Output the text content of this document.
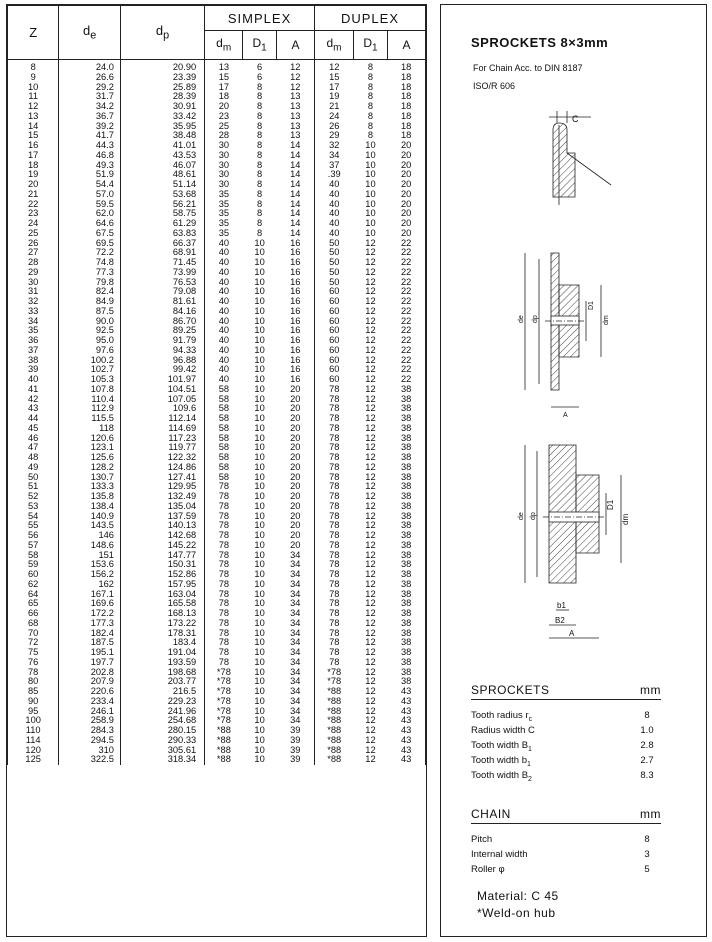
Z	$d_e$	$d_p$	SIMPLEX			DUPLEX		
			$d_m$	$D_1$	A	$d_m$	$D_1$	A
8	24.0	20.90	13	6	12	12	8	18
9	26.6	23.39	15	6	12	15	8	18
10	29.2	25.89	17	8	12	17	8	18
11	31.7	28.39	18	8	13	19	8	18
12	34.2	30.91	20	8	13	21	8	18
13	36.7	33.42	23	8	13	24	8	18
14	39.2	35.95	25	8	13	26	8	18
15	41.7	38.48	28	8	13	29	8	18
16	44.3	41.01	30	8	14	32	10	20
17	46.8	43.53	30	8	14	34	10	20
18	49.3	46.07	30	8	14	37	10	20
19	51.9	48.61	30	8	14	.39	10	20
20	54.4	51.14	30	8	14	40	10	20
21	57.0	53.68	35	8	14	40	10	20
22	59.5	56.21	35	8	14	40	10	20
23	62.0	58.75	35	8	14	40	10	20
24	64.6	61.29	35	8	14	40	10	20
25	67.5	63.83	35	8	14	40	10	20
26	69.5	66.37	40	10	16	50	12	22
27	72.2	68.91	40	10	16	50	12	22
28	74.8	71.45	40	10	16	50	12	22
29	77.3	73.99	40	10	16	50	12	22
30	79.8	76.53	40	10	16	50	12	22
31	82.4	79.08	40	10	16	60	12	22
32	84.9	81.61	40	10	16	60	12	22
33	87.5	84.16	40	10	16	60	12	22
34	90.0	86.70	40	10	16	60	12	22
35	92.5	89.25	40	10	16	60	12	22
36	95.0	91.79	40	10	16	60	12	22
37	97.6	94.33	40	10	16	60	12	22
38	100.2	96.88	40	10	16	60	12	22
39	102.7	99.42	40	10	16	60	12	22
40	105.3	101.97	40	10	16	60	12	22
41	107.8	104.51	58	10	20	78	12	38
42	110.4	107.05	58	10	20	78	12	38
43	112.9	109.6	58	10	20	78	12	38
44	115.5	112.14	58	10	20	78	12	38
45	118	114.69	58	10	20	78	12	38
46	120.6	117.23	58	10	20	78	12	38
47	123.1	119.77	58	10	20	78	12	38
48	125.6	122.32	58	10	20	78	12	38
49	128.2	124.86	58	10	20	78	12	38
50	130.7	127.41	58	10	20	78	12	38
51	133.3	129.95	78	10	20	78	12	38
52	135.8	132.49	78	10	20	78	12	38
53	138.4	135.04	78	10	20	78	12	38
54	140.9	137.59	78	10	20	78	12	38
55	143.5	140.13	78	10	20	78	12	38
56	146	142.68	78	10	20	78	12	38
57	148.6	145.22	78	10	20	78	12	38
58	151	147.77	78	10	34	78	12	38
59	153.6	150.31	78	10	34	78	12	38
60	156.2	152.86	78	10	34	78	12	38
62	162	157.95	78	10	34	78	12	38
64	167.1	163.04	78	10	34	78	12	38
65	169.6	165.58	78	10	34	78	12	38
66	172.2	168.13	78	10	34	78	12	38
68	177.3	173.22	78	10	34	78	12	38
70	182.4	178.31	78	10	34	78	12	38
72	187.5	183.4	78	10	34	78	12	38
75	195.1	191.04	78	10	34	78	12	38
76	197.7	193.59	78	10	34	78	12	38
78	202.8	198.68	*78	10	34	*78	12	38
80	207.9	203.77	*78	10	34	*78	12	38
85	220.6	216.5	*78	10	34	*88	12	43
90	233.4	229.23	*78	10	34	*88	12	43
95	246.1	241.96	*78	10	34	*88	12	43
100	258.9	254.68	*78	10	34	*88	12	43
110	284.3	280.15	*88	10	39	*88	12	43
114	294.5	290.33	*88	10	39	*88	12	43
120	310	305.61	*88	10	39	*88	12	43
125	322.5	318.34	*88	10	39	*88	12	43
SPROCKETS 8×3mm
For Chain Acc. to DIN 8187
ISO/R 606
C
de dp
D1
dm
A
de dp
D1
dm
b1
B2
A
SPROCKETS	mm
Tooth radius $r_c$	8
Radius width C	1.0
Tooth width $B_1$	2.8
Tooth width $b_1$	2.7
Tooth width $B_2$	8.3
CHAIN	mm
Pitch	8
Internal width	3
Roller φ	5
Material: C 45
*Weld-on hub
